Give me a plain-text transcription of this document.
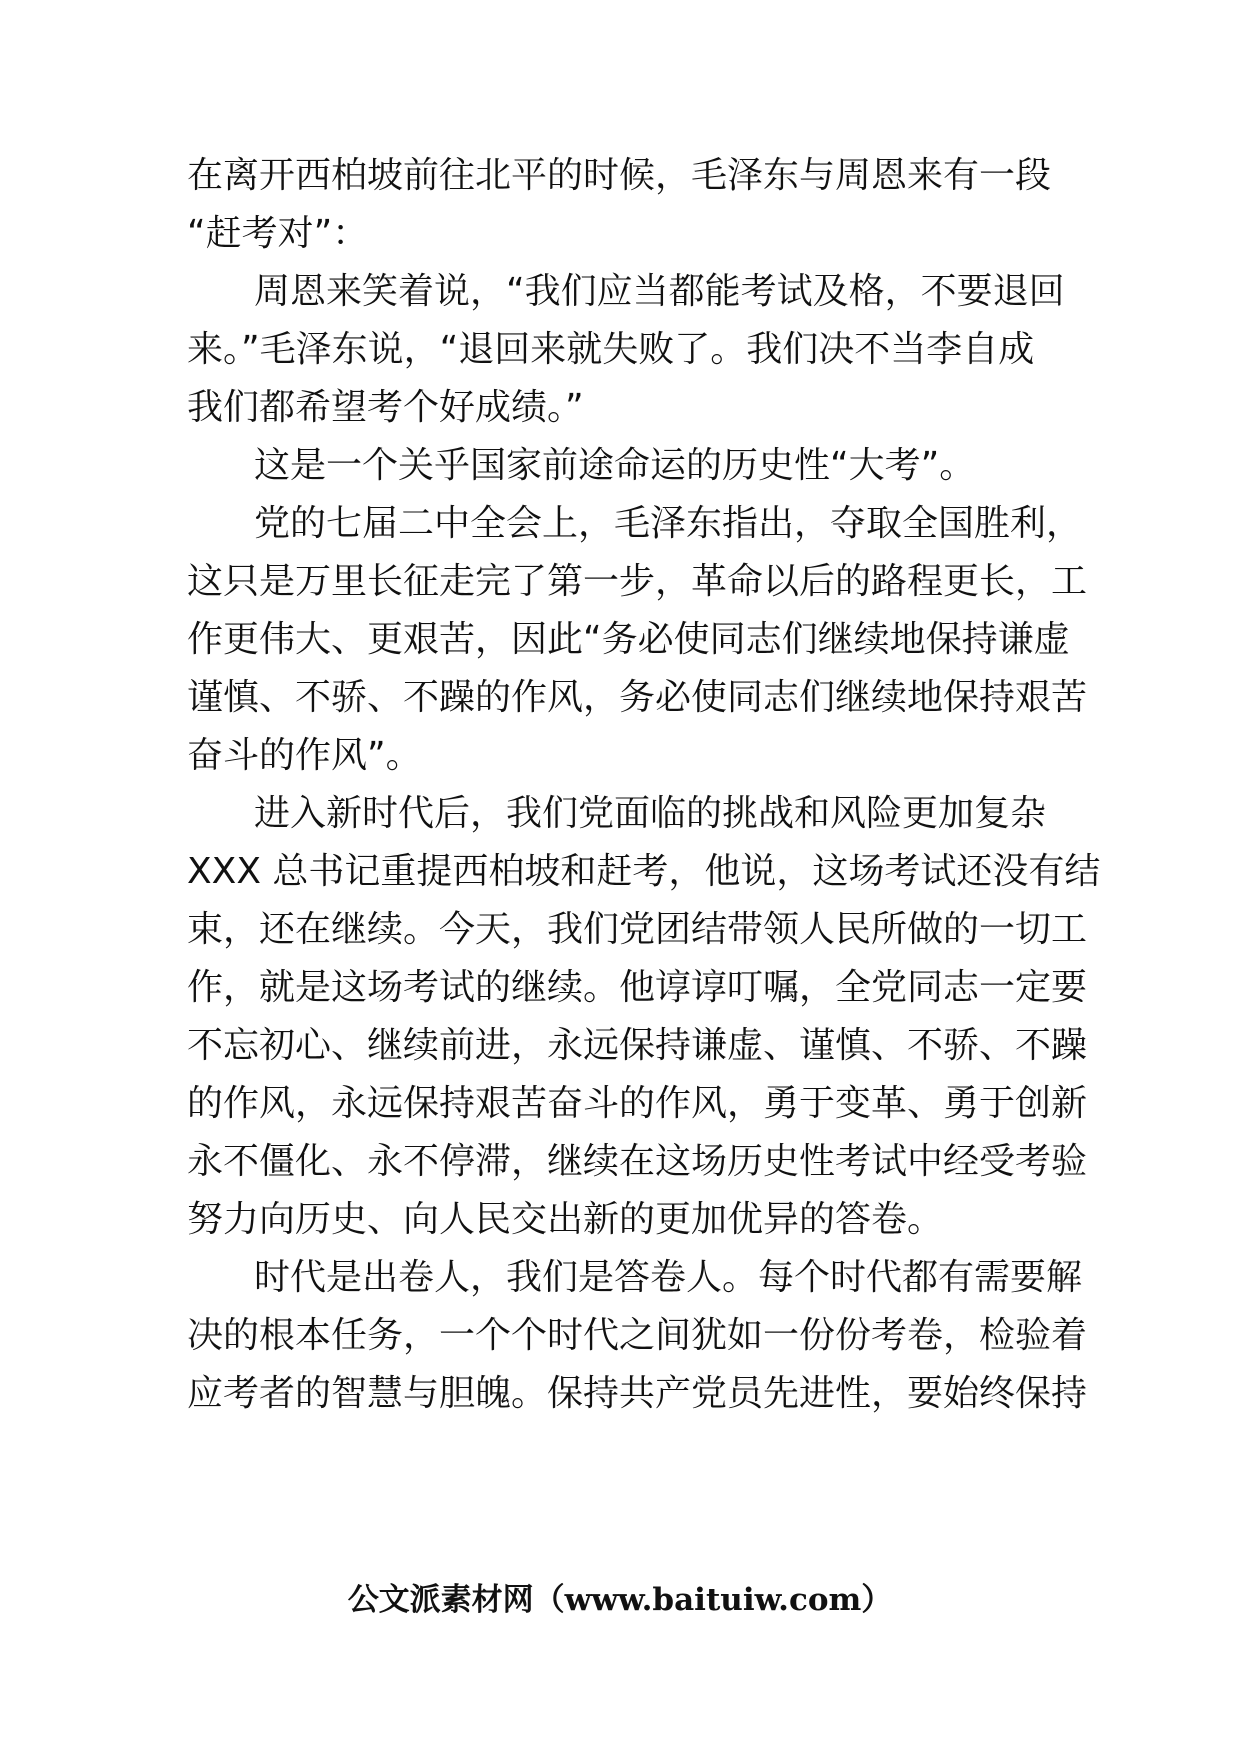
在离开西柏坡前往北平的时候，毛泽东与周恩来有一段
“赶考对”：
周恩来笑着说，“我们应当都能考试及格，不要退回
来。”毛泽东说，“退回来就失败了。我们决不当李自成
我们都希望考个好成绩。”
这是一个关乎国家前途命运的历史性“大考”。
党的七届二中全会上，毛泽东指出，夺取全国胜利，
这只是万里长征走完了第一步，革命以后的路程更长，工
作更伟大、更艰苦，因此“务必使同志们继续地保持谦虚
谨慎、不骄、不躁的作风，务必使同志们继续地保持艰苦
奋斗的作风”。
进入新时代后，我们党面临的挑战和风险更加复杂
XXX 总书记重提西柏坡和赶考，他说，这场考试还没有结
束，还在继续。今天，我们党团结带领人民所做的一切工
作，就是这场考试的继续。他谆谆叮嘱，全党同志一定要
不忘初心、继续前进，永远保持谦虚、谨慎、不骄、不躁
的作风，永远保持艰苦奋斗的作风，勇于变革、勇于创新
永不僵化、永不停滞，继续在这场历史性考试中经受考验
努力向历史、向人民交出新的更加优异的答卷。
时代是出卷人，我们是答卷人。每个时代都有需要解
决的根本任务，一个个时代之间犹如一份份考卷，检验着
应考者的智慧与胆魄。保持共产党员先进性，要始终保持
公文派素材网（www.baituiw.com）
